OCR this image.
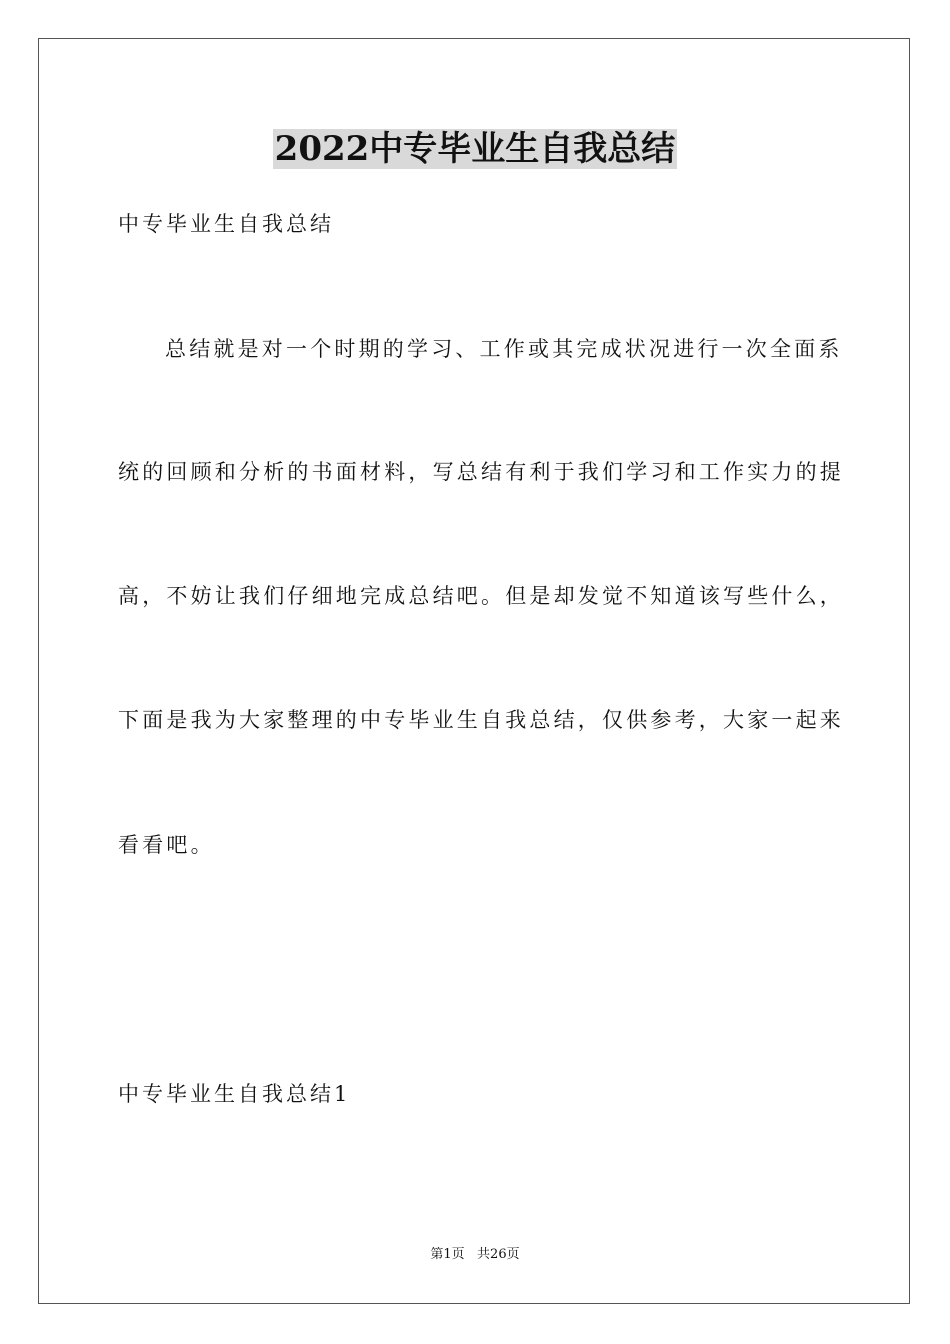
2022中专毕业生自我总结

中专毕业生自我总结

总结就是对一个时期的学习、工作或其完成状况进行一次全面系

统的回顾和分析的书面材料，写总结有利于我们学习和工作实力的提

高，不妨让我们仔细地完成总结吧。但是却发觉不知道该写些什么，

下面是我为大家整理的中专毕业生自我总结，仅供参考，大家一起来

看看吧。

中专毕业生自我总结1

第1页   共26页
